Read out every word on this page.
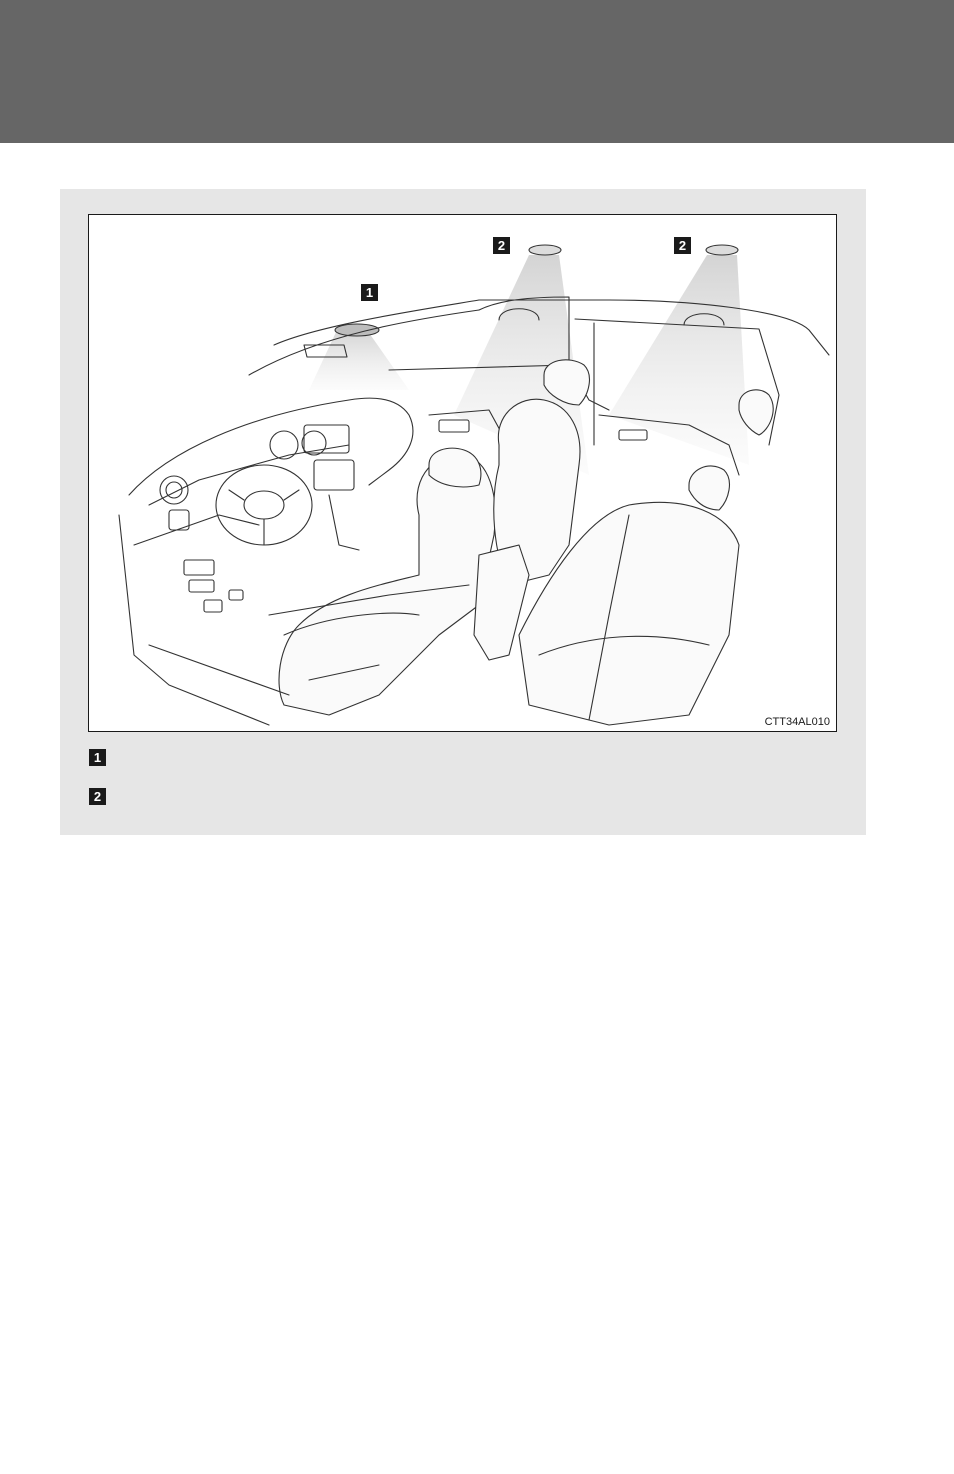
1
2	2
CTT34AL010
1
2
